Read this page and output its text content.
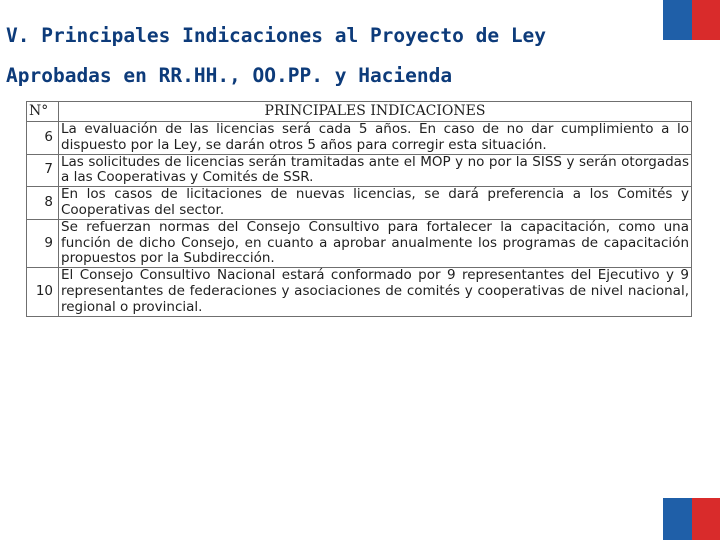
V. Principales Indicaciones al Proyecto de Ley
Aprobadas en RR.HH., OO.PP. y Hacienda
N°	PRINCIPALES INDICACIONES
6	La evaluación de las licencias será cada 5 años. En caso de no dar cumplimiento a lo dispuesto por la Ley, se darán otros 5 años para corregir esta situación.
7	Las solicitudes de licencias serán tramitadas ante el MOP y no por la SISS y serán otorgadas a las Cooperativas y Comités de SSR.
8	En los casos de licitaciones de nuevas licencias, se dará preferencia a los Comités y Cooperativas del sector.
9	Se refuerzan normas del Consejo Consultivo para fortalecer la capacitación, como una función de dicho Consejo, en cuanto a aprobar anualmente los programas de capacitación propuestos por la Subdirección.
10	El Consejo Consultivo Nacional estará conformado por 9 representantes del Ejecutivo y 9 representantes de federaciones y asociaciones de comités y cooperativas de nivel nacional, regional o provincial.
